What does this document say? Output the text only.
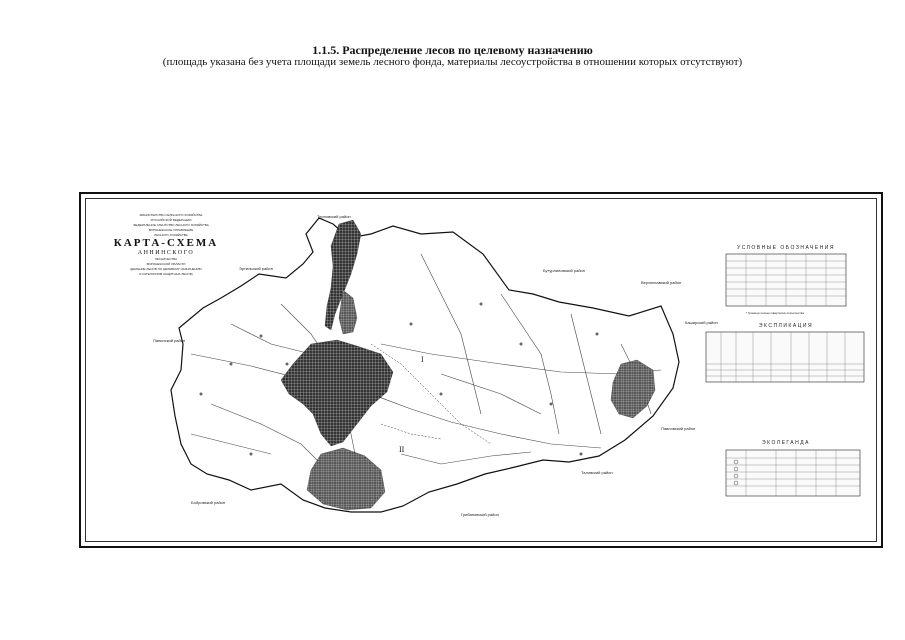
1.1.5. Распределение лесов по целевому назначению
(площадь указана без учета площади земель лесного фонда, материалы лесоустройства в отношении которых отсутствуют)
МИНИСТЕРСТВО СЕЛЬСКОГО ХОЗЯЙСТВА
РОССИЙСКОЙ ФЕДЕРАЦИИ
ФЕДЕРАЛЬНОЕ АГЕНТСТВО ЛЕСНОГО ХОЗЯЙСТВА
ВОРОНЕЖСКОЕ УПРАВЛЕНИЕ
ЛЕСНОГО ХОЗЯЙСТВА
КАРТА-СХЕМА
АННИНСКОГО
ЛЕСНИЧЕСТВА
ВОРОНЕЖСКОЙ ОБЛАСТИ
(ДЕЛЕНИЕ ЛЕСОВ ПО ЦЕЛЕВОМУ НАЗНАЧЕНИЮ
И КАТЕГОРИЯМ ЗАЩИТНЫХ ЛЕСОВ)
I
II
Панинский район
Эртильский район	Бутурлиновский район
Верхнехавский район
Каширский район
Павловский район
Таловский район
Бобровский район
Терновский район
Грибановский район
УСЛОВНЫЕ ОБОЗНАЧЕНИЯ
* Граница лесных кварталов лесничества
ЭКСПЛИКАЦИЯ
ЭКОЛЕГАНДА
